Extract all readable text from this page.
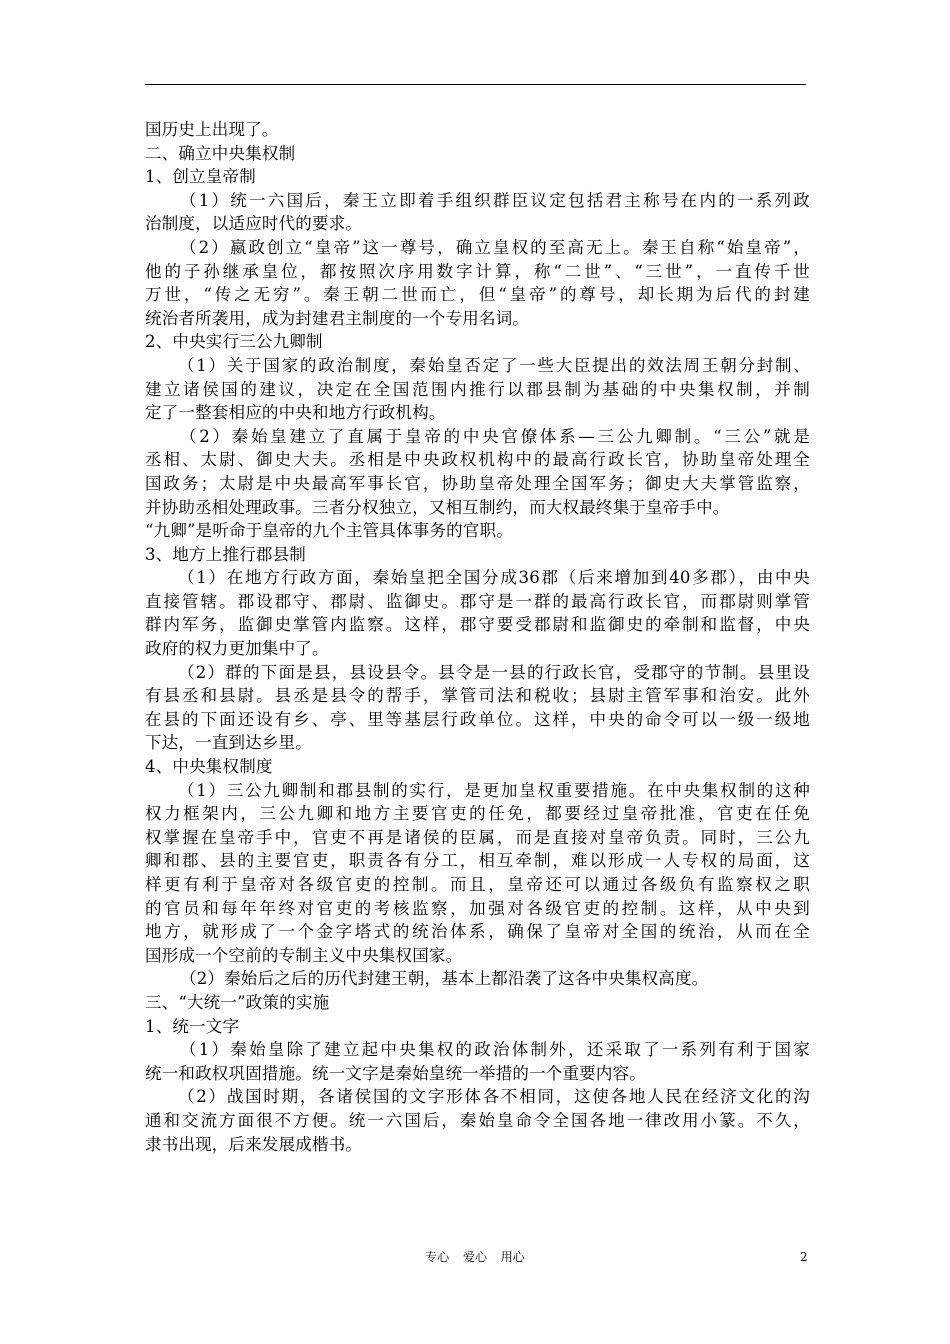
国历史上出现了。
二、确立中央集权制
1、创立皇帝制
（1）统一六国后，秦王立即着手组织群臣议定包括君主称号在内的一系列政
治制度，以适应时代的要求。
（2）嬴政创立“皇帝”这一尊号，确立皇权的至高无上。秦王自称“始皇帝”，
他的子孙继承皇位，都按照次序用数字计算，称“二世”、“三世”，一直传千世
万世，“传之无穷”。秦王朝二世而亡，但“皇帝”的尊号，却长期为后代的封建
统治者所袭用，成为封建君主制度的一个专用名词。
2、中央实行三公九卿制
（1）关于国家的政治制度，秦始皇否定了一些大臣提出的效法周王朝分封制、
建立诸侯国的建议，决定在全国范围内推行以郡县制为基础的中央集权制，并制
定了一整套相应的中央和地方行政机构。
（2）秦始皇建立了直属于皇帝的中央官僚体系—三公九卿制。“三公”就是
丞相、太尉、御史大夫。丞相是中央政权机构中的最高行政长官，协助皇帝处理全
国政务；太尉是中央最高军事长官，协助皇帝处理全国军务；御史大夫掌管监察，
并协助丞相处理政事。三者分权独立，又相互制约，而大权最终集于皇帝手中。
“九卿”是听命于皇帝的九个主管具体事务的官职。
3、地方上推行郡县制
（1）在地方行政方面，秦始皇把全国分成36郡（后来增加到40多郡），由中央
直接管辖。郡设郡守、郡尉、监御史。郡守是一群的最高行政长官，而郡尉则掌管
群内军务，监御史掌管内监察。这样，郡守要受郡尉和监御史的牵制和监督，中央
政府的权力更加集中了。
（2）群的下面是县，县设县令。县令是一县的行政长官，受郡守的节制。县里设
有县丞和县尉。县丞是县令的帮手，掌管司法和税收；县尉主管军事和治安。此外
在县的下面还设有乡、亭、里等基层行政单位。这样，中央的命令可以一级一级地
下达，一直到达乡里。
4、中央集权制度
（1）三公九卿制和郡县制的实行，是更加皇权重要措施。在中央集权制的这种
权力框架内，三公九卿和地方主要官吏的任免，都要经过皇帝批准，官吏在任免
权掌握在皇帝手中，官吏不再是诸侯的臣属，而是直接对皇帝负责。同时，三公九
卿和郡、县的主要官吏，职责各有分工，相互牵制，难以形成一人专权的局面，这
样更有利于皇帝对各级官吏的控制。而且，皇帝还可以通过各级负有监察权之职
的官员和每年年终对官吏的考核监察，加强对各级官吏的控制。这样，从中央到
地方，就形成了一个金字塔式的统治体系，确保了皇帝对全国的统治，从而在全
国形成一个空前的专制主义中央集权国家。
（2）秦始后之后的历代封建王朝，基本上都沿袭了这各中央集权高度。
三、“大统一”政策的实施
1、统一文字
（1）秦始皇除了建立起中央集权的政治体制外，还采取了一系列有利于国家
统一和政权巩固措施。统一文字是秦始皇统一举措的一个重要内容。
（2）战国时期，各诸侯国的文字形体各不相同，这使各地人民在经济文化的沟
通和交流方面很不方便。统一六国后，秦始皇命令全国各地一律改用小篆。不久，
隶书出现，后来发展成楷书。
专心 爱心 用心	2
